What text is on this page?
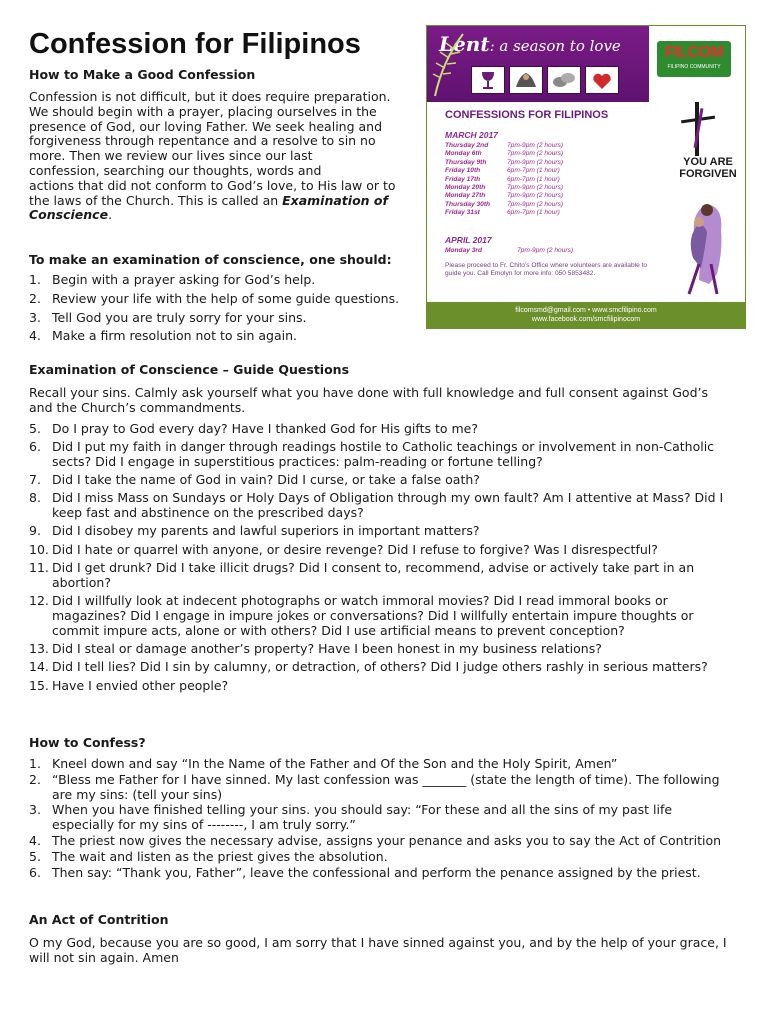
Confession for Filipinos

How to Make a Good Confession

Confession is not difficult, but it does require preparation.
We should begin with a prayer, placing ourselves in the
presence of God, our loving Father. We seek healing and
forgiveness through repentance and a resolve to sin no
more. Then we review our lives since our last
confession, searching our thoughts, words and
actions that did not conform to God’s love, to His law or to
the laws of the Church. This is called an Examination of
Conscience.

To make an examination of conscience, one should:

1. Begin with a prayer asking for God’s help.
2. Review your life with the help of some guide questions.
3. Tell God you are truly sorry for your sins.
4. Make a firm resolution not to sin again.

Examination of Conscience – Guide Questions

Recall your sins. Calmly ask yourself what you have done with full knowledge and full consent against God’s and the Church’s commandments.

5. Do I pray to God every day? Have I thanked God for His gifts to me?
6. Did I put my faith in danger through readings hostile to Catholic teachings or involvement in non-Catholic sects? Did I engage in superstitious practices: palm-reading or fortune telling?
7. Did I take the name of God in vain? Did I curse, or take a false oath?
8. Did I miss Mass on Sundays or Holy Days of Obligation through my own fault? Am I attentive at Mass? Did I keep fast and abstinence on the prescribed days?
9. Did I disobey my parents and lawful superiors in important matters?
10. Did I hate or quarrel with anyone, or desire revenge? Did I refuse to forgive? Was I disrespectful?
11. Did I get drunk? Did I take illicit drugs? Did I consent to, recommend, advise or actively take part in an abortion?
12. Did I willfully look at indecent photographs or watch immoral movies? Did I read immoral books or magazines? Did I engage in impure jokes or conversations? Did I willfully entertain impure thoughts or commit impure acts, alone or with others? Did I use artificial means to prevent conception?
13. Did I steal or damage another’s property? Have I been honest in my business relations?
14. Did I tell lies? Did I sin by calumny, or detraction, of others? Did I judge others rashly in serious matters?
15. Have I envied other people?

How to Confess?

1. Kneel down and say “In the Name of the Father and Of the Son and the Holy Spirit, Amen”
2. “Bless me Father for I have sinned. My last confession was _______ (state the length of time). The following are my sins: (tell your sins)
3. When you have finished telling your sins. you should say: “For these and all the sins of my past life especially for my sins of --------, I am truly sorry.”
4. The priest now gives the necessary advise, assigns your penance and asks you to say the Act of Contrition
5. The wait and listen as the priest gives the absolution.
6. Then say: “Thank you, Father”, leave the confessional and perform the penance assigned by the priest.

An Act of Contrition

O my God, because you are so good, I am sorry that I have sinned against you, and by the help of your grace, I will not sin again. Amen

Lent: a season to love	FILCOM
FILIPINO COMMUNITY
CONFESSIONS FOR FILIPINOS
MARCH 2017
Thursday 2nd	7pm-9pm (2 hours)
Monday 6th	7pm-9pm (2 hours)
Thursday 9th	7pm-9pm (2 hours)
Friday 10th	6pm-7pm (1 hour)
Friday 17th	6pm-7pm (1 hour)
Monday 20th	7pm-9pm (2 hours)
Monday 27th	7pm-9pm (2 hours)
Thursday 30th	7pm-9pm (2 hours)
Friday 31st	6pm-7pm (1 hour)
APRIL 2017
Monday 3rd	7pm-9pm (2 hours)
Please proceed to Fr. Chito’s Office where volunteers are available to guide you. Call Emolyn for more info: 050 5853482.
YOU ARE
FORGIVEN
filcomsmd@gmail.com • www.smcfilipino.com
www.facebook.com/smcfilipinocom
